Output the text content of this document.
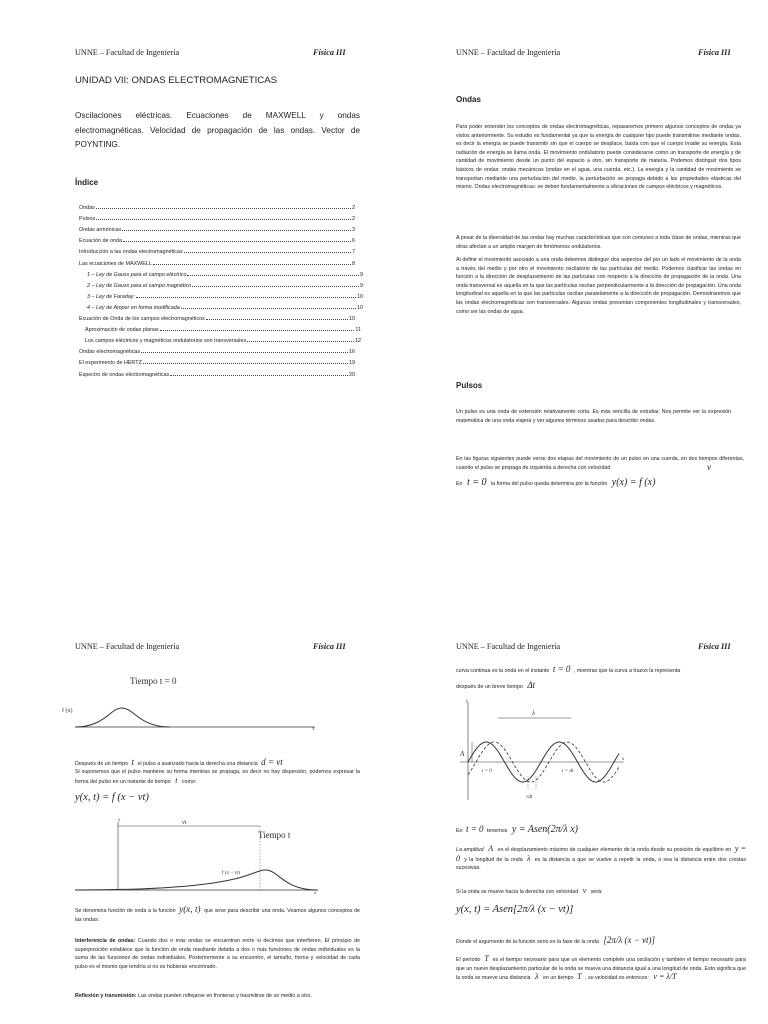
UNNE – Facultad de Ingeniería	Física III
UNIDAD VII: ONDAS ELECTROMAGNETICAS
Oscilaciones eléctricas. Ecuaciones de MAXWELL y ondas electromagnéticas. Velocidad de propagación de las ondas. Vector de POYNTING.
Índice
Ondas	2
Pulsos	2
Ondas armónicas	3
Ecuación de onda	6
Introducción a las ondas electromagnéticas	7
Las ecuaciones de MAXWELL	8
1 – Ley de Gauss para el campo eléctrico	9
2 – Ley de Gauss para el campo magnético	9
3 – Ley de Faraday:	10
4 – Ley de Amper en forma modificada	10
Ecuación de Onda de los campos electromagnéticos	10
Aproximación de ondas planas	11
Los campos eléctricos y magnéticos ondulatorios son transversales	12
Ondas electromagnéticas	16
El experimento de HERTZ	19
Espectro de ondas electromagnéticas	20
UNNE – Facultad de Ingeniería	Física III
Ondas
Para poder entender los conceptos de ondas electromagnéticas, repasaremos primero algunos conceptos de ondas ya vistos anteriormente. Su estudio es fundamental ya que la energía de cualquier tipo puede transmitirse mediante ondas, es decir la energía se puede transmitir sin que el cuerpo se desplace, basta con que el cuerpo irradie su energía. Esta radiación de energía se llama onda. El movimiento ondulatorio puede considerarse como un transporte de energía y de cantidad de movimiento desde un punto del espacio a otro, sin transporte de materia. Podemos distinguir dos tipos básicos de ondas: ondas mecánicas (ondas en el agua, una cuerda, etc.). La energía y la cantidad de movimiento se transportan mediante una perturbación del medio, la perturbación se propaga debido a las propiedades elásticas del mismo. Ondas electromagnéticas: se deben fundamentalmente a vibraciones de campos eléctricos y magnéticos.
A pesar de la diversidad de las ondas hay muchas características que son comunes a toda clase de ondas, mientras que otras afectan a un amplio margen de fenómenos ondulatorios.
Al definir el movimiento asociado a una onda debemos distinguir dos aspectos del por un lado el movimiento de la onda a través del medio y por otro el movimiento oscilatorio de las partículas del medio. Podemos clasificar las ondas en función a la dirección de desplazamiento de las partículas con respecto a la dirección de propagación de la onda. Una onda transversal es aquella en la que las partículas oscilan perpendicularmente a la dirección de propagación. Una onda longitudinal es aquella en la que las partículas oscilan paralelamente a la dirección de propagación. Demostraremos que las ondas electromagnéticas son transversales. Algunas ondas presentan componentes longitudinales y transversales, como ser las ondas de agua.
Pulsos
Un pulso es una onda de extensión relativamente corta. Es más sencilla de estudiar. Nos permite ver la expresión matemática de una onda viajera y ver algunos términos usados para describir ondas.
En las figuras siguientes puede verse dos etapas del movimiento de un pulso en una cuerda, en dos tiempos diferentas, cuando el pulso se propaga de izquierda a derecha con velocidad	v
En t = 0 la forma del pulso queda determina por la función y(x) = f (x)
UNNE – Facultad de Ingeniería	Física III
Tiempo t = 0
f (x)
x
Después de un tiempo t el pulso a avanzado hacia la derecha una distancia d = vt
Si suponemos que el pulso mantiene su forma mientras se propaga, es decir no hay dispersión, podemos expresar la forma del pulso en un instante de tiempo t como:
y(x, t) = f (x − vt)
vt
Tiempo t
f (x − vt)
y
x
Se denomina función de onda a la función y(x, t) que sirve para describir una onda. Veamos algunos conceptos de las ondas:
Interferencia de ondas: Cuando dos o más ondas se encuentran entre si decimos que interfieren. El principio de superposición establece que la función de onda resultante debida a dos o más funciones de ondas individuales es la suma de las funciones de ondas individuales. Posteriormente a su encuentro, el tamaño, forma y velocidad de cada pulso es el mismo que tendría si no se hubieran encontrado.
Reflexión y transmisión: Las ondas pueden reflejarse en fronteras y trasmitirse de un medio a otro.
UNNE – Facultad de Ingeniería	Física III
curva continua es la onda en el instante t = 0 , mientras que la curva a trazos la representa
después de un breve tiempo Δt
λ
A
y
x
t = 0	t = Δt
vΔt
En t = 0 tenemos y = Asen(2π/λ x)
La amplitud A es el desplazamiento máximo de cualquier elemento de la onda desde su posición de equilibrio en y = 0 y la longitud de la onda λ es la distancia a que se vuelve a repetir la onda, o sea la distancia entre dos crestas sucesivas.
Si la onda se mueve hacia la derecha con velocidad v será:
y(x, t) = Asen[2π/λ (x − vt)]
Donde el argumento de la función seno es la fase de la onda [2π/λ (x − vt)]
El período T es el tiempo necesario para que un elemento complete una oscilación y también el tiempo necesario para que un nuevo desplazamiento particular de la onda se mueva una distancia igual a una longitud de onda. Esto significa que la onda se mueve una distancia λ en un tiempo T , su velocidad es entonces: v = λ/T
